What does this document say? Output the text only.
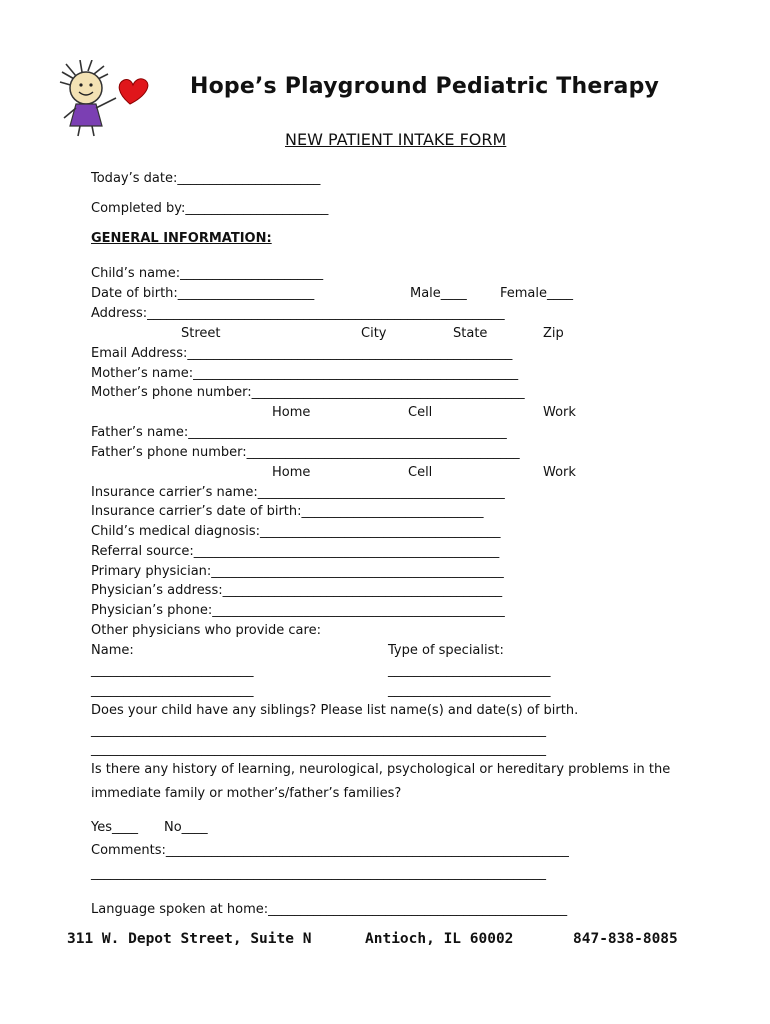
Hope’s Playground Pediatric Therapy
NEW PATIENT INTAKE FORM
Today’s date:______________________
Completed by:______________________
GENERAL INFORMATION:
Child’s name:______________________
Date of birth:_____________________	Male____	Female____
Address:_______________________________________________________
Street	City	State	Zip
Email Address:__________________________________________________
Mother’s name:__________________________________________________
Mother’s phone number:__________________________________________
Home	Cell	Work
Father’s name:_________________________________________________
Father’s phone number:__________________________________________
Home	Cell	Work
Insurance carrier’s name:______________________________________
Insurance carrier’s date of birth:____________________________
Child’s medical diagnosis:_____________________________________
Referral source:_______________________________________________
Primary physician:_____________________________________________
Physician’s address:___________________________________________
Physician’s phone:_____________________________________________
Other physicians who provide care:
Name:	Type of specialist:
_________________________	_________________________
_________________________	_________________________
Does your child have any siblings? Please list name(s) and date(s) of birth.
______________________________________________________________________
______________________________________________________________________
Is there any history of learning, neurological, psychological or hereditary problems in the
immediate family or mother’s/father’s families?
Yes____ No____
Comments:______________________________________________________________
______________________________________________________________________
Language spoken at home:______________________________________________
311 W. Depot Street, Suite N	Antioch, IL 60002	847-838-8085
